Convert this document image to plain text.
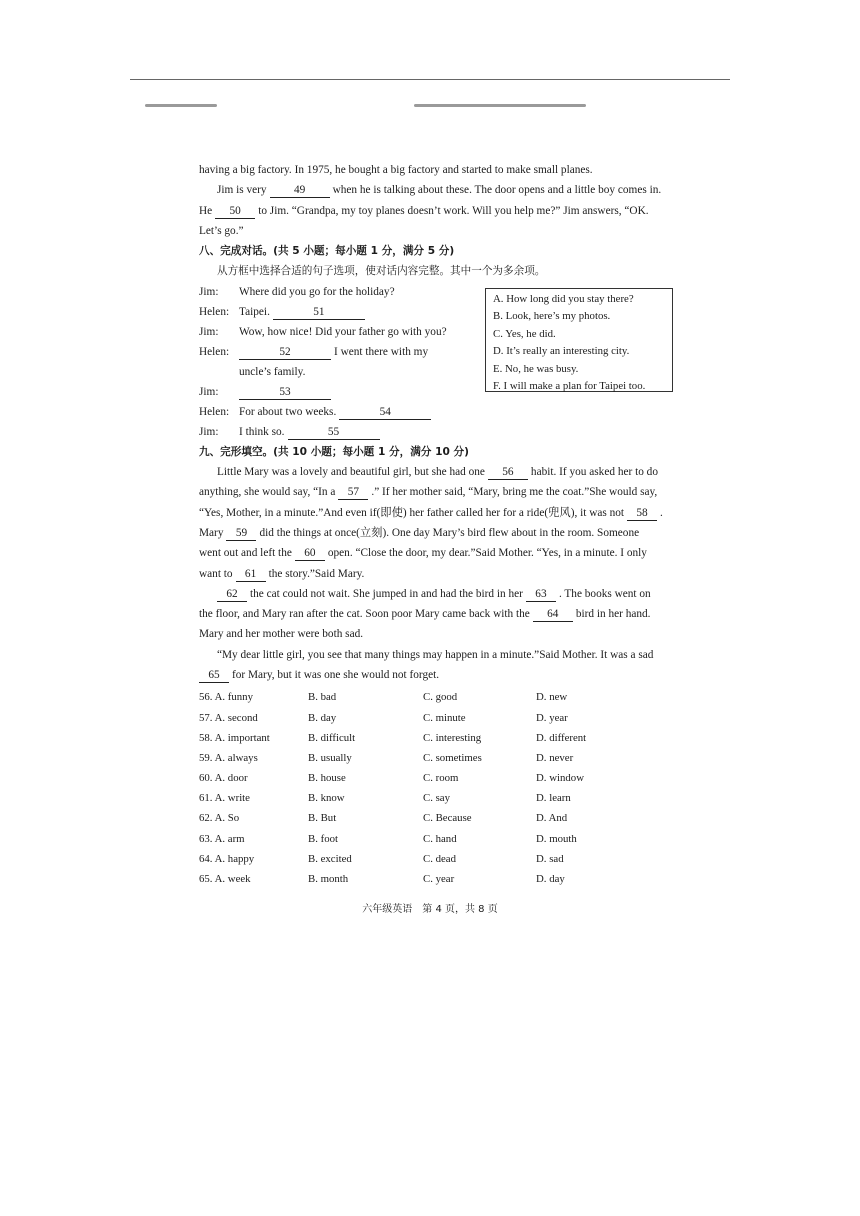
having a big factory. In 1975, he bought a big factory and started to make small planes.
Jim is very 49 when he is talking about these. The door opens and a little boy comes in.
He 50 to Jim. “Grandpa, my toy planes doesn’t work. Will you help me?” Jim answers, “OK.
Let’s go.”
八、完成对话。(共 5 小题；每小题 1 分，满分 5 分)
从方框中选择合适的句子选项，使对话内容完整。其中一个为多余项。
Jim: Where did you go for the holiday?
Helen: Taipei.	51
Jim: Wow, how nice! Did your father go with you?
Helen:	52	I went there with my
uncle’s family.
Jim:	53
Helen: For about two weeks.	54
Jim: I think so.	55
A. How long did you stay there?
B. Look, here’s my photos.
C. Yes, he did.
D. It’s really an interesting city.
E. No, he was busy.
F. I will make a plan for Taipei too.
九、完形填空。(共 10 小题；每小题 1 分，满分 10 分)
Little Mary was a lovely and beautiful girl, but she had one 56 habit. If you asked her to do
anything, she would say, “In a 57 .” If her mother said, “Mary, bring me the coat.”She would say,
“Yes, Mother, in a minute.”And even if(即使) her father called her for a ride(兜风), it was not 58 .
Mary 59 did the things at once(立刻). One day Mary’s bird flew about in the room. Someone
went out and left the 60 open. “Close the door, my dear.”Said Mother. “Yes, in a minute. I only
want to 61 the story.”Said Mary.
62 the cat could not wait. She jumped in and had the bird in her 63 . The books went on
the floor, and Mary ran after the cat. Soon poor Mary came back with the 64 bird in her hand.
Mary and her mother were both sad.
“My dear little girl, you see that many things may happen in a minute.”Said Mother. It was a sad
65 for Mary, but it was one she would not forget.
56. A. funny	B. bad	C. good	D. new
57. A. second	B. day	C. minute	D. year
58. A. important	B. difficult	C. interesting	D. different
59. A. always	B. usually	C. sometimes	D. never
60. A. door	B. house	C. room	D. window
61. A. write	B. know	C. say	D. learn
62. A. So	B. But	C. Because	D. And
63. A. arm	B. foot	C. hand	D. mouth
64. A. happy	B. excited	C. dead	D. sad
65. A. week	B. month	C. year	D. day
六年级英语　第 4 页，共 8 页
